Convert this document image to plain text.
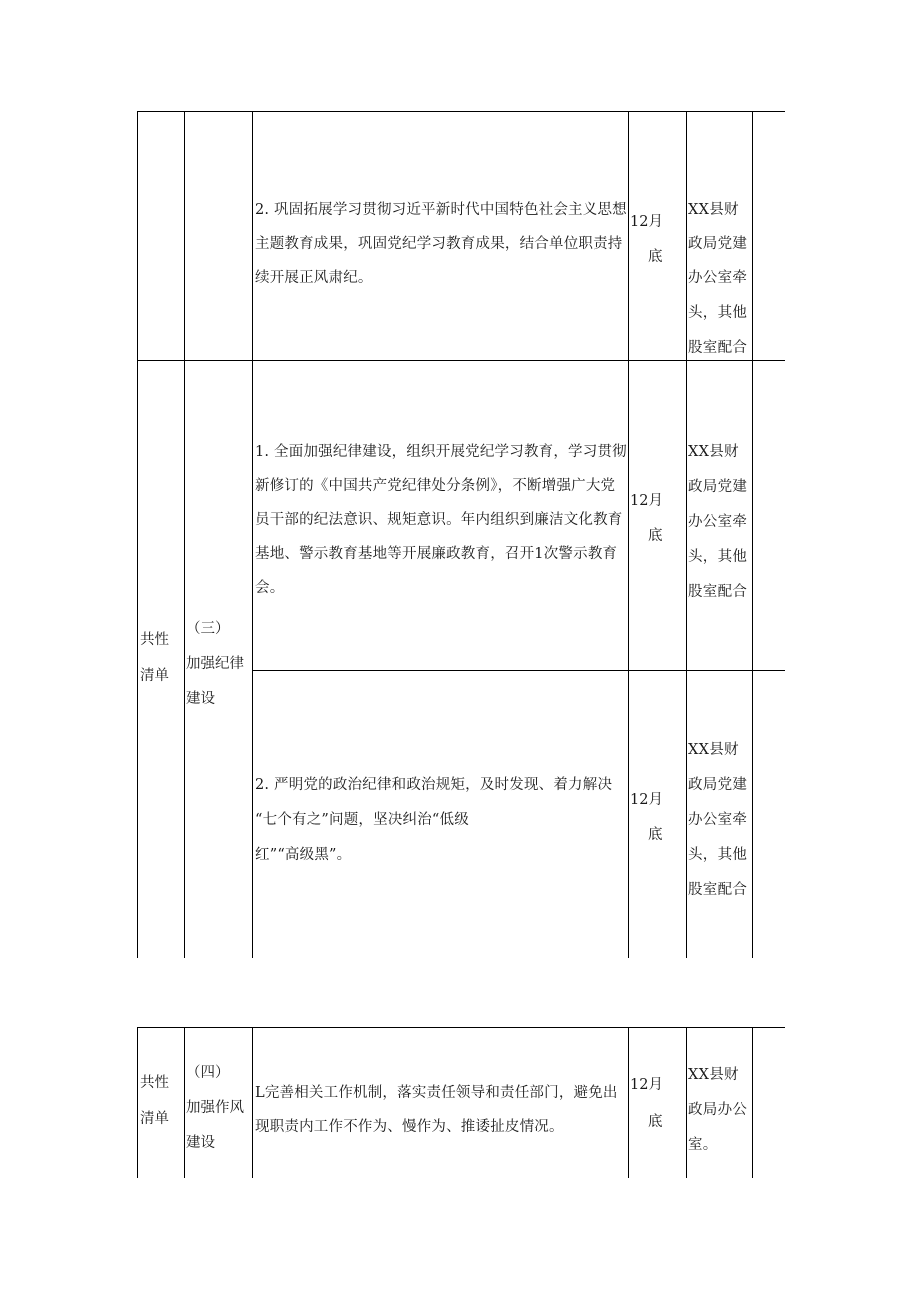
2. 巩固拓展学习贯彻习近平新时代中国特色社会主义思想主题教育成果，巩固党纪学习教育成果，结合单位职责持续开展正风肃纪。
12月
底
XX县财
政局党建
办公室牵
头，其他
股室配合
共性
清单
（三）
加强纪律
建设
1. 全面加强纪律建设，组织开展党纪学习教育，学习贯彻新修订的《中国共产党纪律处分条例》，不断增强广大党员干部的纪法意识、规矩意识。年内组织到廉洁文化教育基地、警示教育基地等开展廉政教育，召开1次警示教育会。
12月
底
XX县财
政局党建
办公室牵
头，其他
股室配合
2. 严明党的政治纪律和政治规矩，及时发现、着力解决
“七个有之”问题，坚决纠治“低级
红”“高级黑”。
12月
底
XX县财
政局党建
办公室牵
头，其他
股室配合
共性
清单
（四）
加强作风
建设
L完善相关工作机制，落实责任领导和责任部门，避免出现职责内工作不作为、慢作为、推诿扯皮情况。
12月
底
XX县财
政局办公
室。
